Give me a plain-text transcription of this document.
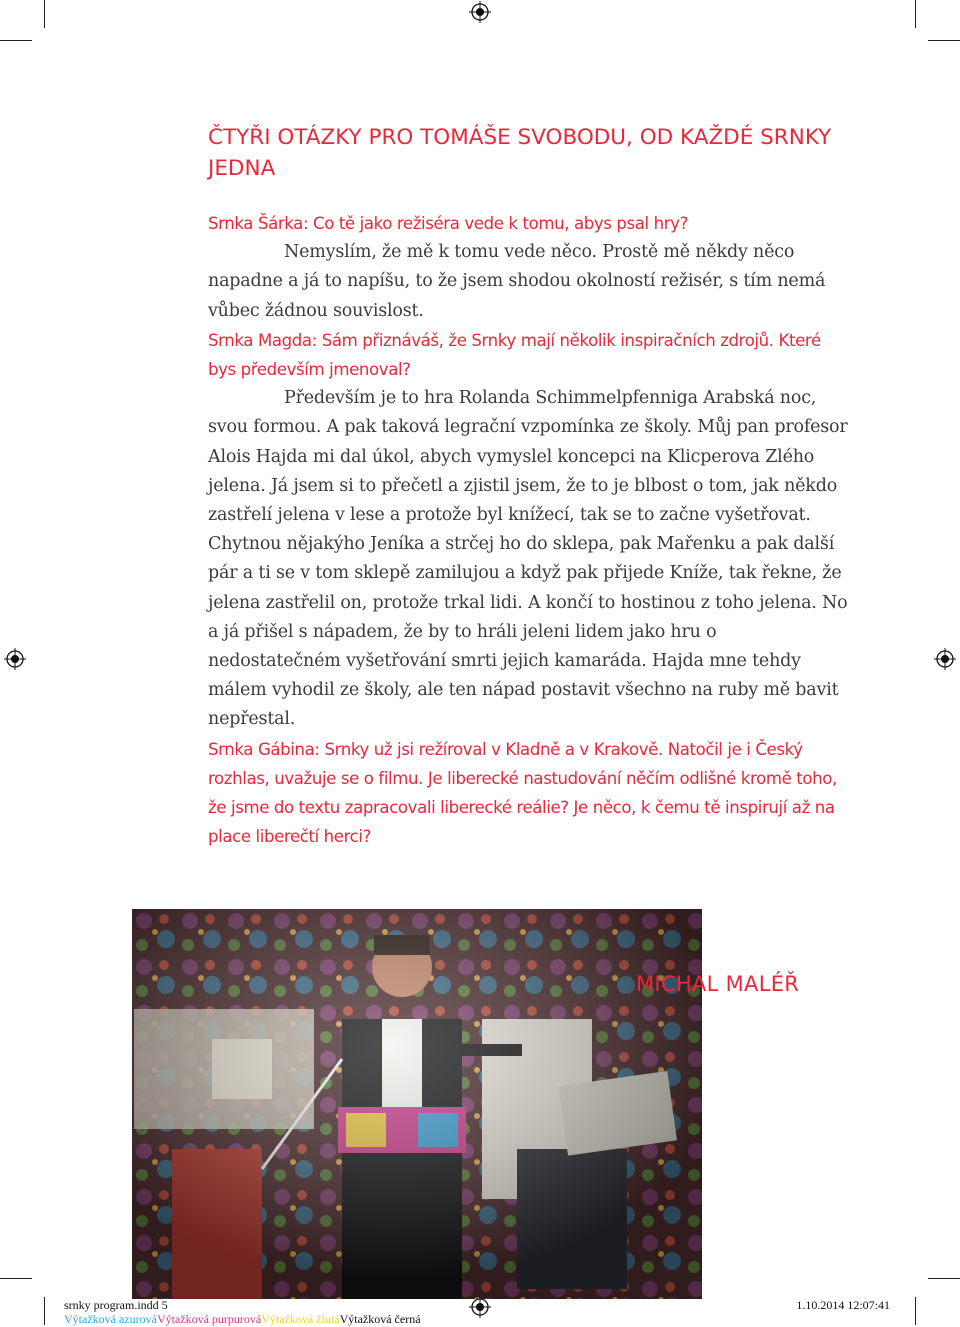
ČTYŘI OTÁZKY PRO TOMÁŠE SVOBODU, OD KAŽDÉ SRNKY JEDNA

Srnka Šárka: Co tě jako režiséra vede k tomu, abys psal hry?

Nemyslím, že mě k tomu vede něco. Prostě mě někdy něco napadne a já to napíšu, to že jsem shodou okolností režisér, s tím nemá vůbec žádnou souvislost.

Srnka Magda: Sám přiznáváš, že Srnky mají několik inspiračních zdrojů. Které bys především jmenoval?

Především je to hra Rolanda Schimmelpfenniga Arabská noc, svou formou. A pak taková legrační vzpomínka ze školy. Můj pan profesor Alois Hajda mi dal úkol, abych vymyslel koncepci na Klicperova Zlého jelena. Já jsem si to přečetl a zjistil jsem, že to je blbost o tom, jak někdo zastřelí jelena v lese a protože byl knížecí, tak se to začne vyšetřovat. Chytnou nějakýho Jeníka a strčej ho do sklepa, pak Mařenku a pak další pár a ti se v tom sklepě zamilujou a když pak přijede Kníže, tak řekne, že jelena zastřelil on, protože trkal lidi. A končí to hostinou z toho jelena. No a já přišel s nápadem, že by to hráli jeleni lidem jako hru o nedostatečném vyšetřování smrti jejich kamaráda. Hajda mne tehdy málem vyhodil ze školy, ale ten nápad postavit všechno na ruby mě bavit nepřestal.

Srnka Gábina: Srnky už jsi režíroval v Kladně a v Krakově. Natočil je i Český rozhlas, uvažuje se o filmu. Je liberecké nastudování něčím odlišné kromě toho, že jsme do textu zapracovali liberecké reálie? Je něco, k čemu tě inspirují až na place liberečtí herci?

MICHAL MALÉŘ
srnky program.indd 5	1.10.2014 12:07:41
Výtažková azurováVýtažková purpurováVýtažková žlutáVýtažková černá
